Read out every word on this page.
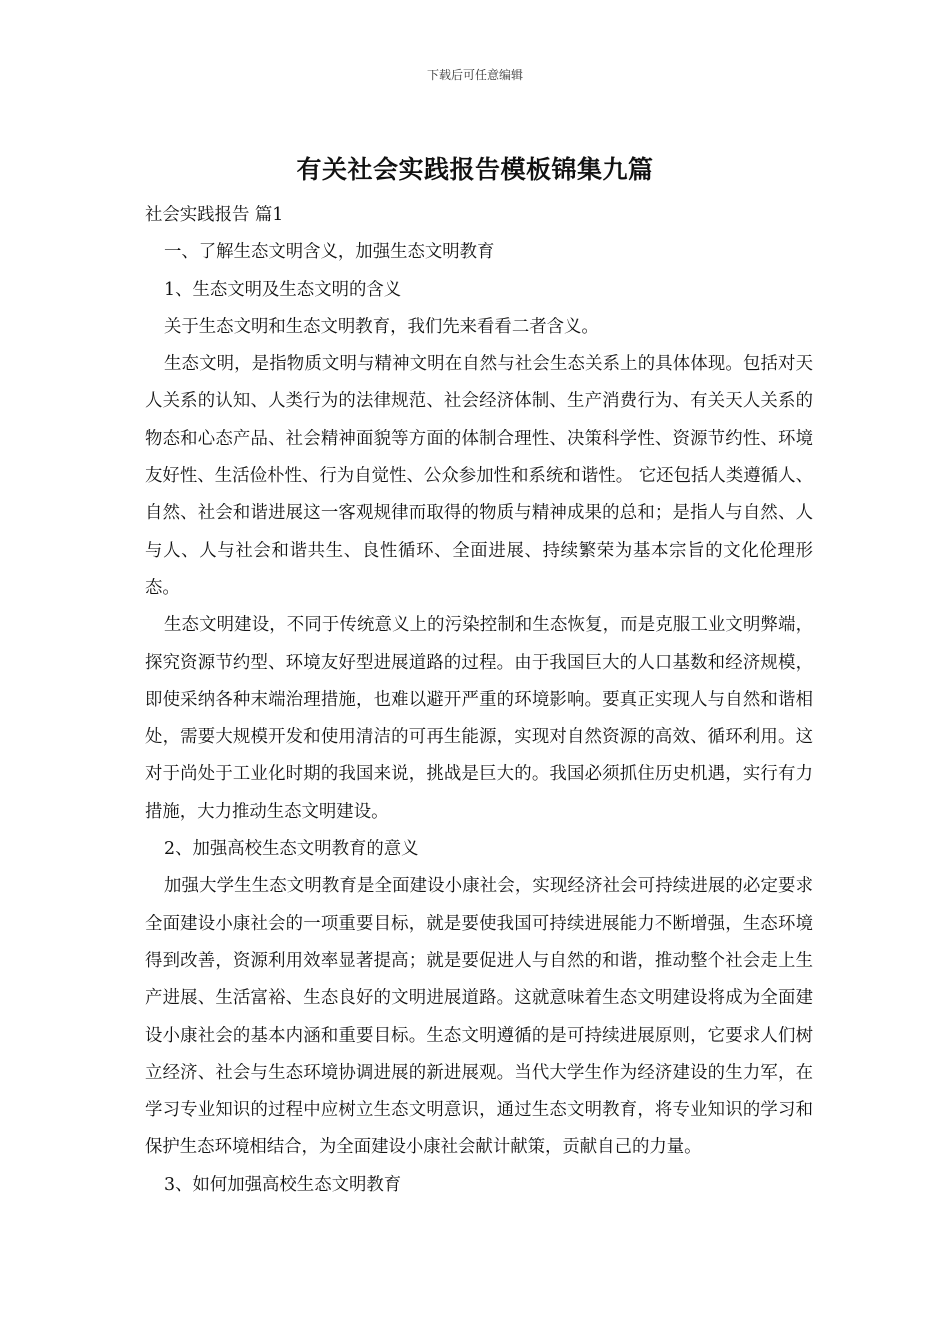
下载后可任意编辑
有关社会实践报告模板锦集九篇

社会实践报告 篇1

一、了解生态文明含义，加强生态文明教育

1、生态文明及生态文明的含义

关于生态文明和生态文明教育，我们先来看看二者含义。

生态文明，是指物质文明与精神文明在自然与社会生态关系上的具体体现。包括对天人关系的认知、人类行为的法律规范、社会经济体制、生产消费行为、有关天人关系的物态和心态产品、社会精神面貌等方面的体制合理性、决策科学性、资源节约性、环境友好性、生活俭朴性、行为自觉性、公众参加性和系统和谐性。 它还包括人类遵循人、自然、社会和谐进展这一客观规律而取得的物质与精神成果的总和；是指人与自然、人与人、人与社会和谐共生、良性循环、全面进展、持续繁荣为基本宗旨的文化伦理形态。

生态文明建设，不同于传统意义上的污染控制和生态恢复，而是克服工业文明弊端，探究资源节约型、环境友好型进展道路的过程。由于我国巨大的人口基数和经济规模，即使采纳各种末端治理措施，也难以避开严重的环境影响。要真正实现人与自然和谐相处，需要大规模开发和使用清洁的可再生能源，实现对自然资源的高效、循环利用。这对于尚处于工业化时期的我国来说，挑战是巨大的。我国必须抓住历史机遇，实行有力措施，大力推动生态文明建设。

2、加强高校生态文明教育的意义

加强大学生生态文明教育是全面建设小康社会，实现经济社会可持续进展的必定要求全面建设小康社会的一项重要目标，就是要使我国可持续进展能力不断增强，生态环境得到改善，资源利用效率显著提高；就是要促进人与自然的和谐，推动整个社会走上生产进展、生活富裕、生态良好的文明进展道路。这就意味着生态文明建设将成为全面建设小康社会的基本内涵和重要目标。生态文明遵循的是可持续进展原则，它要求人们树立经济、社会与生态环境协调进展的新进展观。当代大学生作为经济建设的生力军，在学习专业知识的过程中应树立生态文明意识，通过生态文明教育，将专业知识的学习和保护生态环境相结合，为全面建设小康社会献计献策，贡献自己的力量。

3、如何加强高校生态文明教育
